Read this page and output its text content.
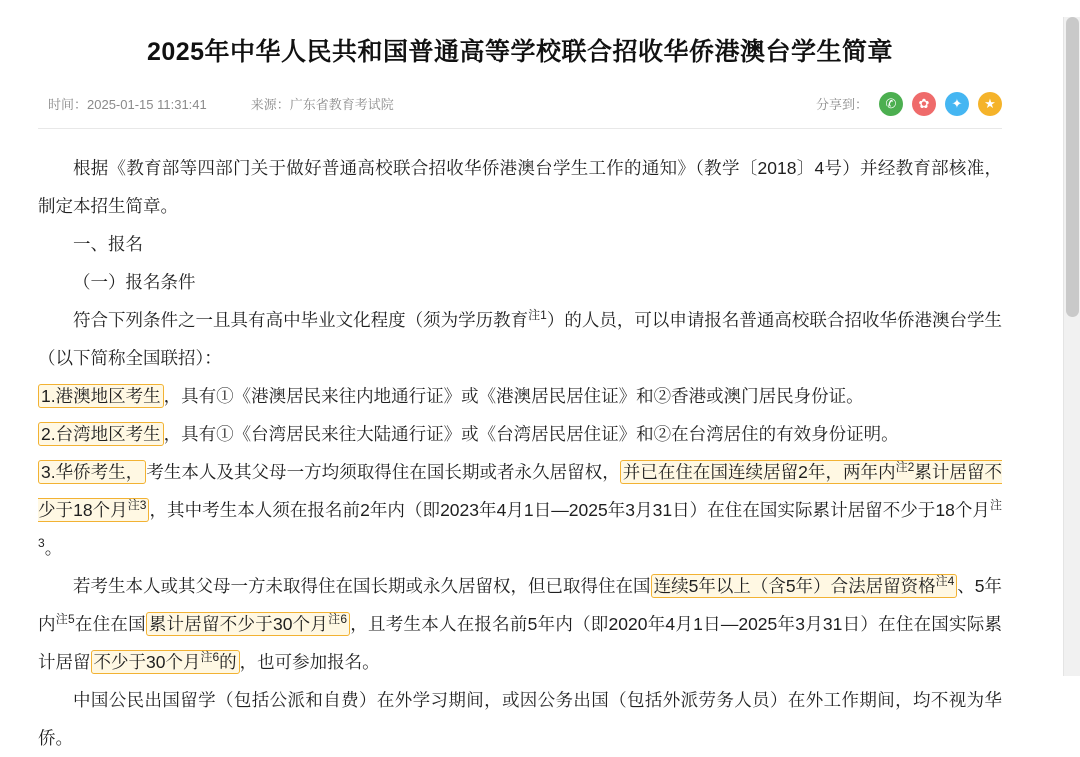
2025年中华人民共和国普通高等学校联合招收华侨港澳台学生简章
时间：2025-01-15 11:31:41	来源：广东省教育考试院	分享到：	✆	✿	✦	★

根据《教育部等四部门关于做好普通高校联合招收华侨港澳台学生工作的通知》（教学〔2018〕4号）并经教育部核准，制定本招生简章。

一、报名

（一）报名条件

符合下列条件之一且具有高中毕业文化程度（须为学历教育$^{注1}$）的人员，可以申请报名普通高校联合招收华侨港澳台学生（以下简称全国联招）：

1.港澳地区考生 ，具有①《港澳居民来往内地通行证》或《港澳居民居住证》和②香港或澳门居民身份证。

2.台湾地区考生 ，具有①《台湾居民来往大陆通行证》或《台湾居民居住证》和②在台湾居住的有效身份证明。

3.华侨考生， 考生本人及其父母一方均须取得住在国长期或者永久居留权， 并已在住在国连续居留2年，两年内$^{注2}$累计居留不少于18个月$^{注3}$ ，其中考生本人须在报名前2年内（即2023年4月1日—2025年3月31日）在住在国实际累计居留不少于18个月$^{注3}$。

若考生本人或其父母一方未取得住在国长期或永久居留权，但已取得住在国 连续5年以上（含5年）合法居留资格$^{注4}$ 、5年内$^{注5}$在住在国 累计居留不少于30个月$^{注6}$ ，且考生本人在报名前5年内（即2020年4月1日—2025年3月31日）在住在国实际累计居留 不少于30个月$^{注6}$的 ，也可参加报名。

中国公民出国留学（包括公派和自费）在外学习期间，或因公务出国（包括外派劳务人员）在外工作期间，均不视为华侨。
